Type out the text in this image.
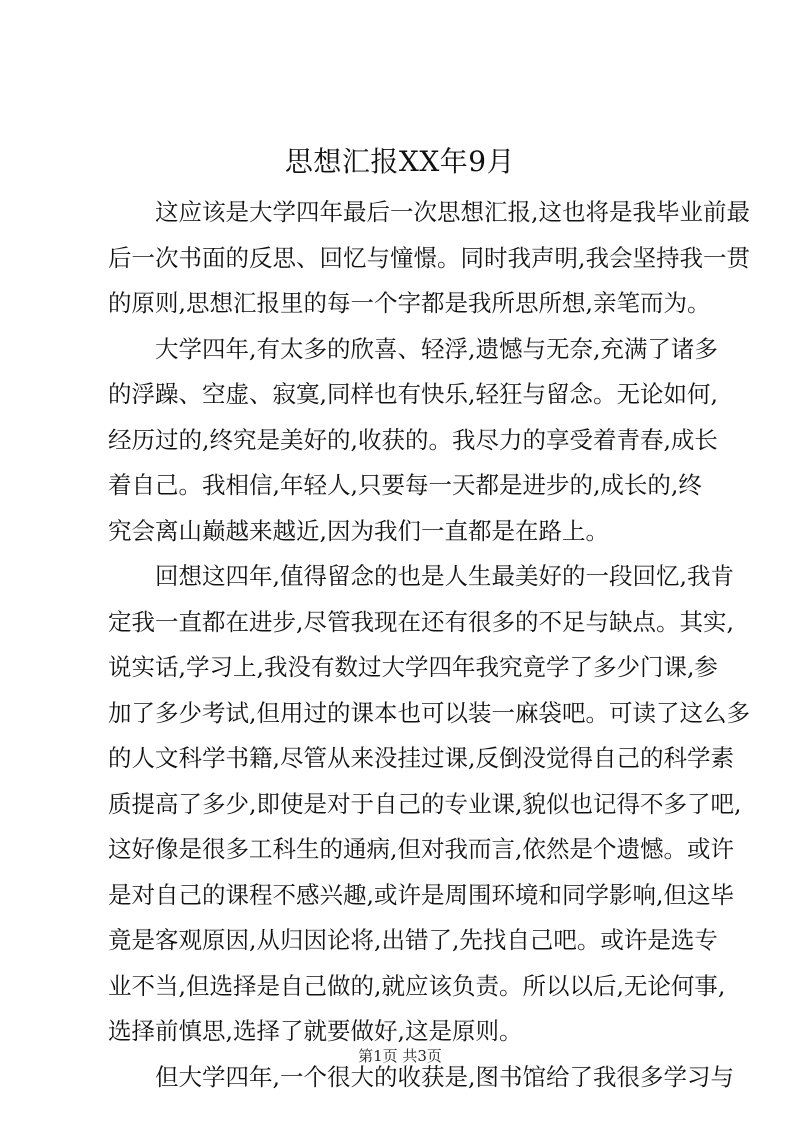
思想汇报XX年9月
这应该是大学四年最后一次思想汇报,这也将是我毕业前最
后一次书面的反思、回忆与憧憬。同时我声明,我会坚持我一贯
的原则,思想汇报里的每一个字都是我所思所想,亲笔而为。
大学四年,有太多的欣喜、轻浮,遗憾与无奈,充满了诸多
的浮躁、空虚、寂寞,同样也有快乐,轻狂与留念。无论如何,
经历过的,终究是美好的,收获的。我尽力的享受着青春,成长
着自己。我相信,年轻人,只要每一天都是进步的,成长的,终
究会离山巅越来越近,因为我们一直都是在路上。
回想这四年,值得留念的也是人生最美好的一段回忆,我肯
定我一直都在进步,尽管我现在还有很多的不足与缺点。其实,
说实话,学习上,我没有数过大学四年我究竟学了多少门课,参
加了多少考试,但用过的课本也可以装一麻袋吧。可读了这么多
的人文科学书籍,尽管从来没挂过课,反倒没觉得自己的科学素
质提高了多少,即使是对于自己的专业课,貌似也记得不多了吧,
这好像是很多工科生的通病,但对我而言,依然是个遗憾。或许
是对自己的课程不感兴趣,或许是周围环境和同学影响,但这毕
竟是客观原因,从归因论将,出错了,先找自己吧。或许是选专
业不当,但选择是自己做的,就应该负责。所以以后,无论何事,
选择前慎思,选择了就要做好,这是原则。
但大学四年,一个很大的收获是,图书馆给了我很多学习与
第1页 共3页
